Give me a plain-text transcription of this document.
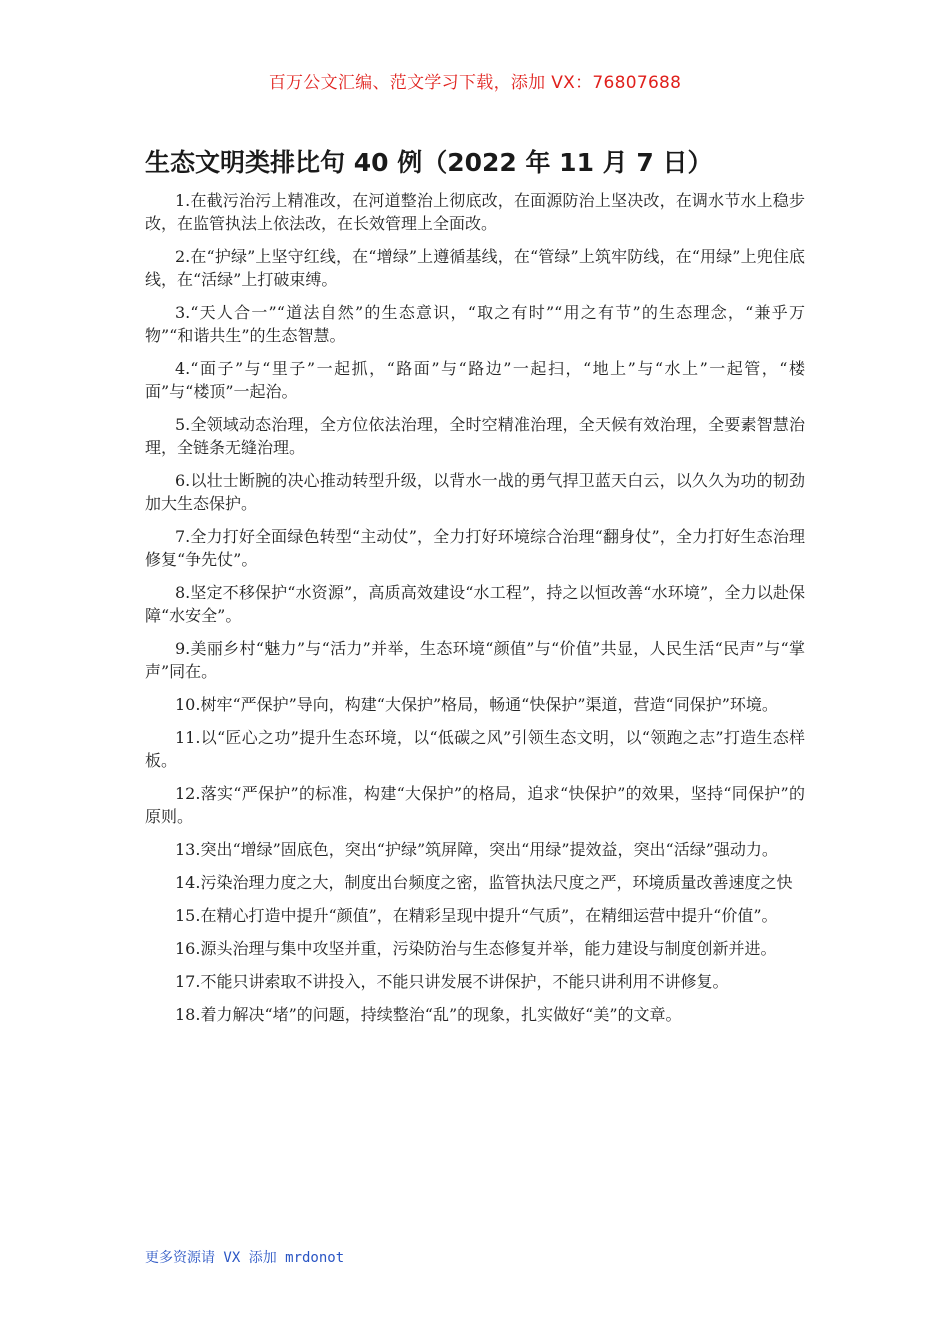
百万公文汇编、范文学习下载，添加 VX：76807688
生态文明类排比句 40 例（2022 年 11 月 7 日）
1.在截污治污上精准改，在河道整治上彻底改，在面源防治上坚决改，在调水节水上稳步改，在监管执法上依法改，在长效管理上全面改。
2.在“护绿”上坚守红线，在“增绿”上遵循基线，在“管绿”上筑牢防线，在“用绿”上兜住底线，在“活绿”上打破束缚。
3.“天人合一”“道法自然”的生态意识，“取之有时”“用之有节”的生态理念，“兼乎万物”“和谐共生”的生态智慧。
4.“面子”与“里子”一起抓，“路面”与“路边”一起扫，“地上”与“水上”一起管，“楼面”与“楼顶”一起治。
5.全领域动态治理，全方位依法治理，全时空精准治理，全天候有效治理，全要素智慧治理，全链条无缝治理。
6.以壮士断腕的决心推动转型升级，以背水一战的勇气捍卫蓝天白云，以久久为功的韧劲加大生态保护。
7.全力打好全面绿色转型“主动仗”，全力打好环境综合治理“翻身仗”，全力打好生态治理修复“争先仗”。
8.坚定不移保护“水资源”，高质高效建设“水工程”，持之以恒改善“水环境”，全力以赴保障“水安全”。
9.美丽乡村“魅力”与“活力”并举，生态环境“颜值”与“价值”共显，人民生活“民声”与“掌声”同在。
10.树牢“严保护”导向，构建“大保护”格局，畅通“快保护”渠道，营造“同保护”环境。
11.以“匠心之功”提升生态环境，以“低碳之风”引领生态文明，以“领跑之志”打造生态样板。
12.落实“严保护”的标准，构建“大保护”的格局，追求“快保护”的效果，坚持“同保护”的原则。
13.突出“增绿”固底色，突出“护绿”筑屏障，突出“用绿”提效益，突出“活绿”强动力。
14.污染治理力度之大，制度出台频度之密，监管执法尺度之严，环境质量改善速度之快
15.在精心打造中提升“颜值”，在精彩呈现中提升“气质”，在精细运营中提升“价值”。
16.源头治理与集中攻坚并重，污染防治与生态修复并举，能力建设与制度创新并进。
17.不能只讲索取不讲投入，不能只讲发展不讲保护，不能只讲利用不讲修复。
18.着力解决“堵”的问题，持续整治“乱”的现象，扎实做好“美”的文章。
更多资源请 VX 添加 mrdonot
